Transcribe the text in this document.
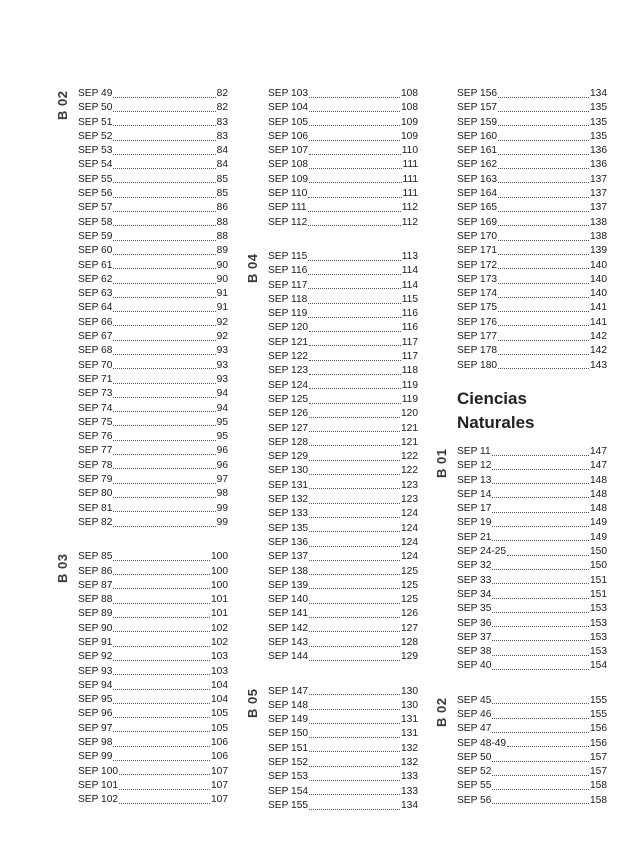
B 02 SEP 49	82
SEP 50	82
SEP 51	83
SEP 52	83
SEP 53	84
SEP 54	84
SEP 55	85
SEP 56	85
SEP 57	86
SEP 58	88
SEP 59	88
SEP 60	89
SEP 61	90
SEP 62	90
SEP 63	91
SEP 64	91
SEP 66	92
SEP 67	92
SEP 68	93
SEP 70	93
SEP 71	93
SEP 73	94
SEP 74	94
SEP 75	95
SEP 76	95
SEP 77	96
SEP 78	96
SEP 79	97
SEP 80	98
SEP 81	99
SEP 82	99
B 03 SEP 85	100
SEP 86	100
SEP 87	100
SEP 88	101
SEP 89	101
SEP 90	102
SEP 91	102
SEP 92	103
SEP 93	103
SEP 94	104
SEP 95	104
SEP 96	105
SEP 97	105
SEP 98	106
SEP 99	106
SEP 100	107
SEP 101	107
SEP 102	107
SEP 103	108
SEP 104	108
SEP 105	109
SEP 106	109
SEP 107	110
SEP 108	111
SEP 109	111
SEP 110	111
SEP 111	112
SEP 112	112
B 04 SEP 115	113
SEP 116	114
SEP 117	114
SEP 118	115
SEP 119	116
SEP 120	116
SEP 121	117
SEP 122	117
SEP 123	118
SEP 124	119
SEP 125	119
SEP 126	120
SEP 127	121
SEP 128	121
SEP 129	122
SEP 130	122
SEP 131	123
SEP 132	123
SEP 133	124
SEP 135	124
SEP 136	124
SEP 137	124
SEP 138	125
SEP 139	125
SEP 140	125
SEP 141	126
SEP 142	127
SEP 143	128
SEP 144	129
B 05 SEP 147	130
SEP 148	130
SEP 149	131
SEP 150	131
SEP 151	132
SEP 152	132
SEP 153	133
SEP 154	133
SEP 155	134
SEP 156	134
SEP 157	135
SEP 159	135
SEP 160	135
SEP 161	136
SEP 162	136
SEP 163	137
SEP 164	137
SEP 165	137
SEP 169	138
SEP 170	138
SEP 171	139
SEP 172	140
SEP 173	140
SEP 174	140
SEP 175	141
SEP 176	141
SEP 177	142
SEP 178	142
SEP 180	143
Ciencias
Naturales
B 01 SEP 11	147
SEP 12	147
SEP 13	148
SEP 14	148
SEP 17	148
SEP 19	149
SEP 21	149
SEP 24-25	150
SEP 32	150
SEP 33	151
SEP 34	151
SEP 35	153
SEP 36	153
SEP 37	153
SEP 38	153
SEP 40	154
B 02 SEP 45	155
SEP 46	155
SEP 47	156
SEP 48-49	156
SEP 50	157
SEP 52	157
SEP 55	158
SEP 56	158
